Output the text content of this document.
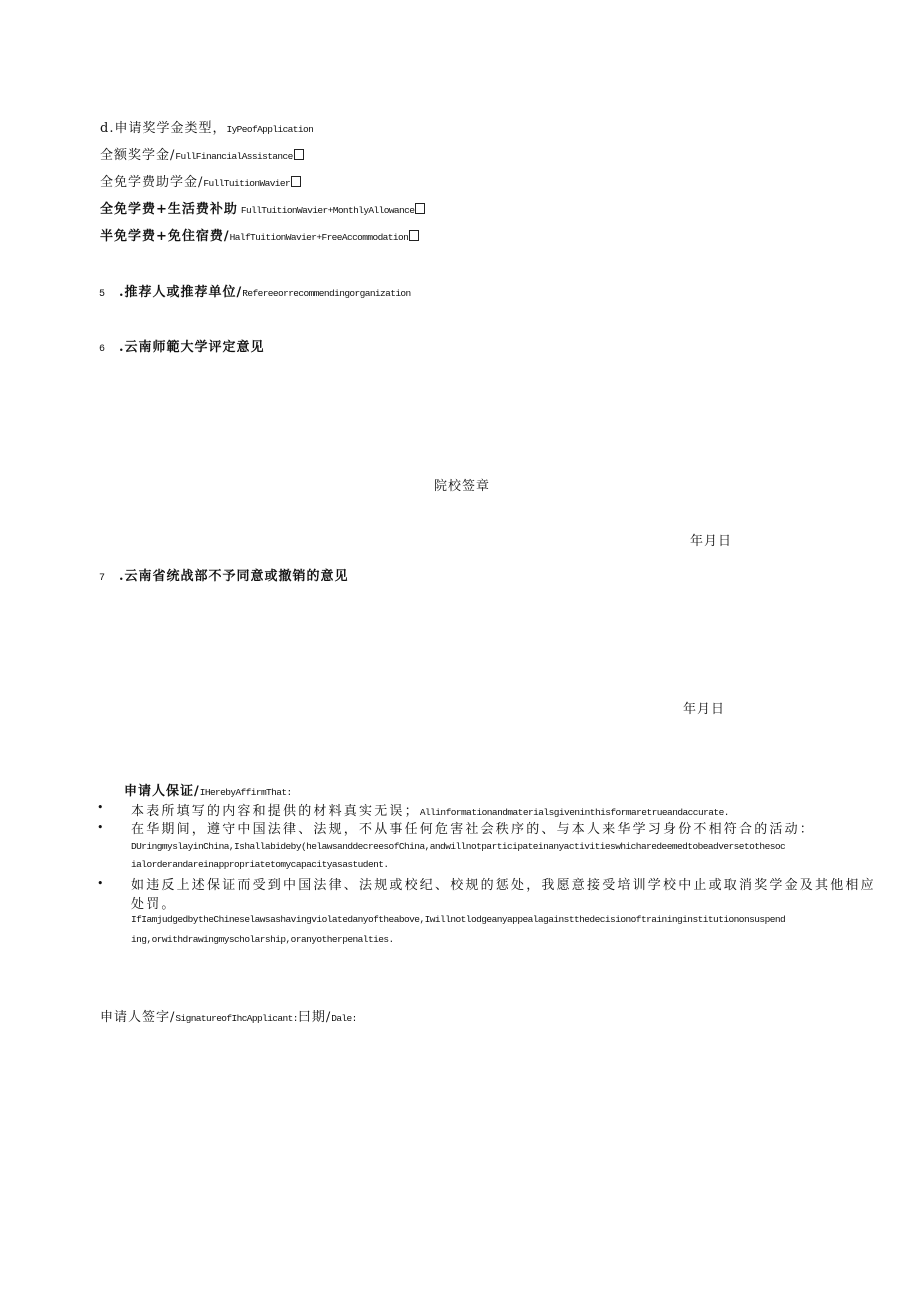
d.申请奖学金类型，IyPeofApplication
全额奖学金/FullFinancialAssistance
全免学费助学金/FullTuitionWavier
全免学费+生活费补助 FullTuitionWavier+MonthlyAllowance
半免学费+免住宿费/HalfTuitionWavier+FreeAccommodation
5 .推荐人或推荐单位/Refereeorrecommendingorganization
6 .云南师範大学评定意见
院校签章
年月日
7 .云南省统战部不予同意或撤销的意见
年月日
申请人保证/IHerebyAffirmThat:
• 本表所填写的内容和提供的材料真实无误；Allinformationandmaterialsgiveninthisformaretrueandaccurate.
• 在华期间，遵守中国法律、法规，不从事任何危害社会秩序的、与本人来华学习身份不相符合的活动：
DUringmyslayinChina,Ishallabideby(helawsanddecreesofChina,andwillnotparticipateinanyactivitieswhicharedeemedtobeadversetothesoc
ialorderandareinappropriatetomycapacityasastudent.
• 如违反上述保证而受到中国法律、法规或校纪、校规的惩处，我愿意接受培训学校中止或取消奖学金及其他相应
处罚。
IfIamjudgedbytheChineselawsashavingviolatedanyoftheabove,Iwillnotlodgeanyappealagainstthedecisionoftraininginstitutiononsuspend
ing,orwithdrawingmyscholarship,oranyotherpenalties.
申请人签字/SignatureofIhcApplicant:曰期/Dale:
